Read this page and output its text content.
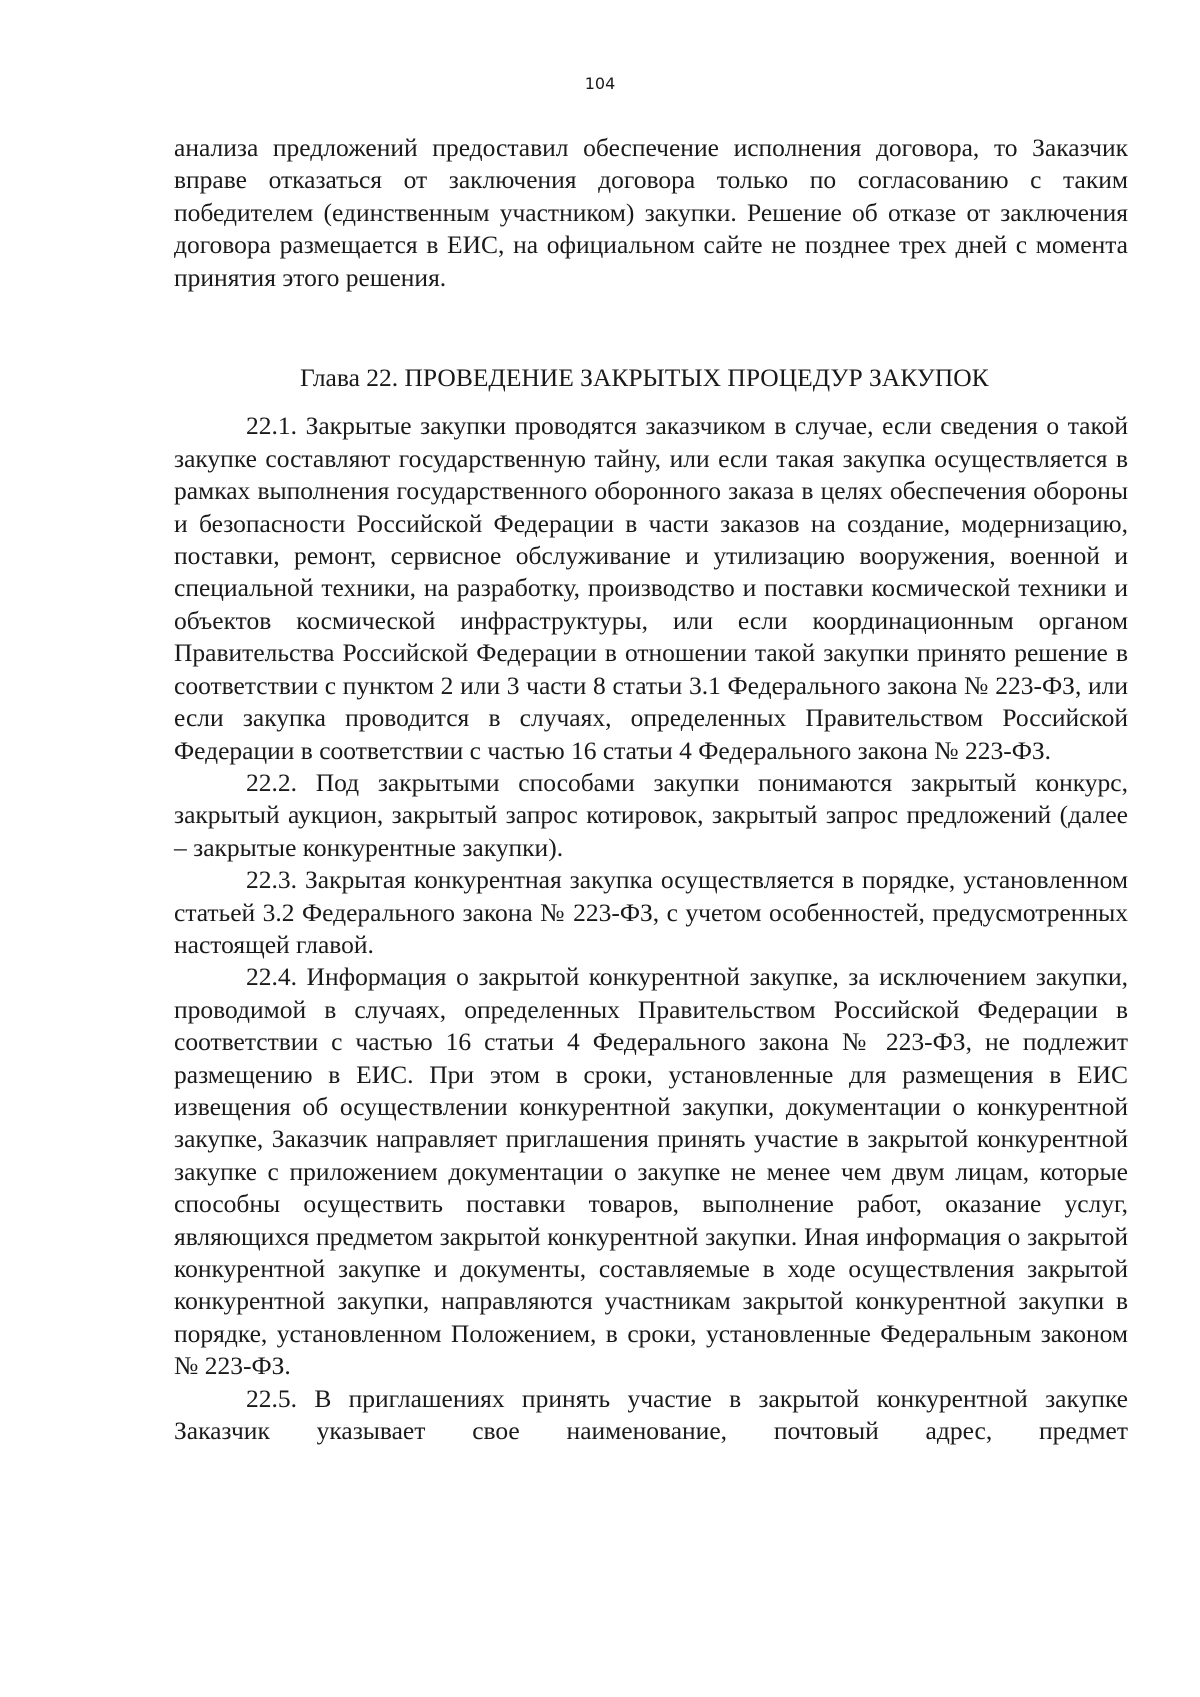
104

анализа предложений предоставил обеспечение исполнения договора, то Заказчик вправе отказаться от заключения договора только по согласованию с таким победителем (единственным участником) закупки. Решение об отказе от заключения договора размещается в ЕИС, на официальном сайте не позднее трех дней с момента принятия этого решения.

Глава 22. ПРОВЕДЕНИЕ ЗАКРЫТЫХ ПРОЦЕДУР ЗАКУПОК

22.1. Закрытые закупки проводятся заказчиком в случае, если сведения о такой закупке составляют государственную тайну, или если такая закупка осуществляется в рамках выполнения государственного оборонного заказа в целях обеспечения обороны и безопасности Российской Федерации в части заказов на создание, модернизацию, поставки, ремонт, сервисное обслуживание и утилизацию вооружения, военной и специальной техники, на разработку, производство и поставки космической техники и объектов космической инфраструктуры, или если координационным органом Правительства Российской Федерации в отношении такой закупки принято решение в соответствии с пунктом 2 или 3 части 8 статьи 3.1 Федерального закона № 223-ФЗ, или если закупка проводится в случаях, определенных Правительством Российской Федерации в соответствии с частью 16 статьи 4 Федерального закона № 223-ФЗ.

22.2. Под закрытыми способами закупки понимаются закрытый конкурс, закрытый аукцион, закрытый запрос котировок, закрытый запрос предложений (далее – закрытые конкурентные закупки).

22.3. Закрытая конкурентная закупка осуществляется в порядке, установленном статьей 3.2 Федерального закона № 223-ФЗ, с учетом особенностей, предусмотренных настоящей главой.

22.4. Информация о закрытой конкурентной закупке, за исключением закупки, проводимой в случаях, определенных Правительством Российской Федерации в соответствии с частью 16 статьи 4 Федерального закона № 223-ФЗ, не подлежит размещению в ЕИС. При этом в сроки, установленные для размещения в ЕИС извещения об осуществлении конкурентной закупки, документации о конкурентной закупке, Заказчик направляет приглашения принять участие в закрытой конкурентной закупке с приложением документации о закупке не менее чем двум лицам, которые способны осуществить поставки товаров, выполнение работ, оказание услуг, являющихся предметом закрытой конкурентной закупки. Иная информация о закрытой конкурентной закупке и документы, составляемые в ходе осуществления закрытой конкурентной закупки, направляются участникам закрытой конкурентной закупки в порядке, установленном Положением, в сроки, установленные Федеральным законом № 223-ФЗ.

22.5. В приглашениях принять участие в закрытой конкурентной закупке Заказчик указывает свое наименование, почтовый адрес, предмет
